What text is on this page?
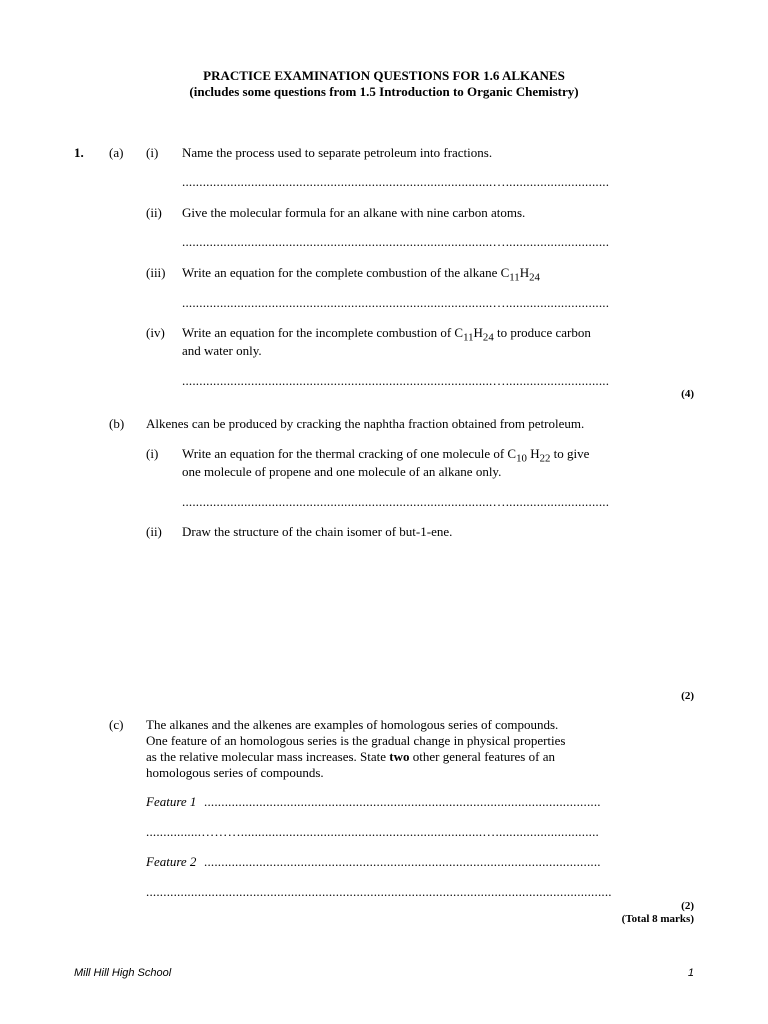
PRACTICE EXAMINATION QUESTIONS FOR 1.6 ALKANES
(includes some questions from 1.5 Introduction to Organic Chemistry)
1. (a) (i) Name the process used to separate petroleum into fractions.
..........................................................................................…..............................
(ii) Give the molecular formula for an alkane with nine carbon atoms.
..........................................................................................…..............................
(iii) Write an equation for the complete combustion of the alkane $C_{11}H_{24}$
..........................................................................................…..............................
(iv) Write an equation for the incomplete combustion of $C_{11}H_{24}$ to produce carbon
and water only.
..........................................................................................…..............................
(4)
(b) Alkenes can be produced by cracking the naphtha fraction obtained from petroleum.
(i) Write an equation for the thermal cracking of one molecule of $C_{10}$ $H_{22}$ to give
one molecule of propene and one molecule of an alkane only.
..........................................................................................…..............................
(ii) Draw the structure of the chain isomer of but-1-ene.
(2)
(c) The alkanes and the alkenes are examples of homologous series of compounds.
One feature of an homologous series is the gradual change in physical properties
as the relative molecular mass increases. State two other general features of an
homologous series of compounds.
Feature 1 ...................................................................................................................
................………......................................................................…..............................
Feature 2 ...................................................................................................................
.......................................................................................................................................
(2)
(Total 8 marks)
Mill Hill High School	1
